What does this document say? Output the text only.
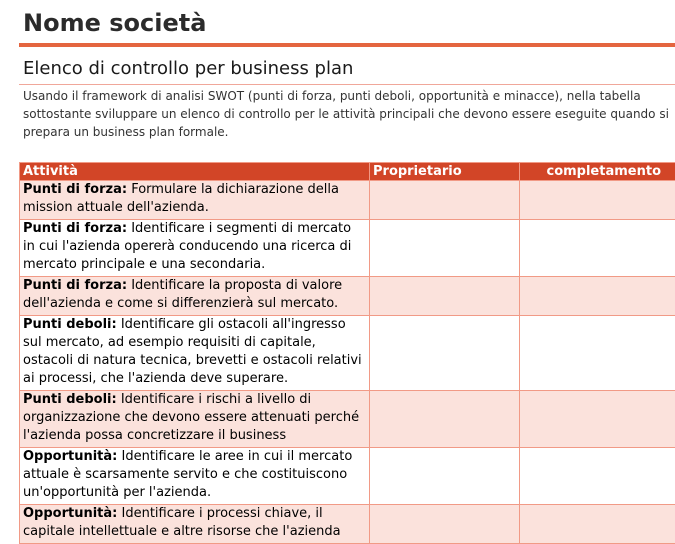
Nome società
Elenco di controllo per business plan

Usando il framework di analisi SWOT (punti di forza, punti deboli, opportunità e minacce), nella tabella sottostante sviluppare un elenco di controllo per le attività principali che devono essere eseguite quando si prepara un business plan formale.

Attività	Proprietario	completamento
Punti di forza: Formulare la dichiarazione della mission attuale dell'azienda.		
Punti di forza: Identificare i segmenti di mercato in cui l'azienda opererà conducendo una ricerca di mercato principale e una secondaria.		
Punti di forza: Identificare la proposta di valore dell'azienda e come si differenzierà sul mercato.		
Punti deboli: Identificare gli ostacoli all'ingresso sul mercato, ad esempio requisiti di capitale, ostacoli di natura tecnica, brevetti e ostacoli relativi ai processi, che l'azienda deve superare.		
Punti deboli: Identificare i rischi a livello di organizzazione che devono essere attenuati perché l'azienda possa concretizzare il business		
Opportunità: Identificare le aree in cui il mercato attuale è scarsamente servito e che costituiscono un'opportunità per l'azienda.		
Opportunità: Identificare i processi chiave, il capitale intellettuale e altre risorse che l'azienda		
